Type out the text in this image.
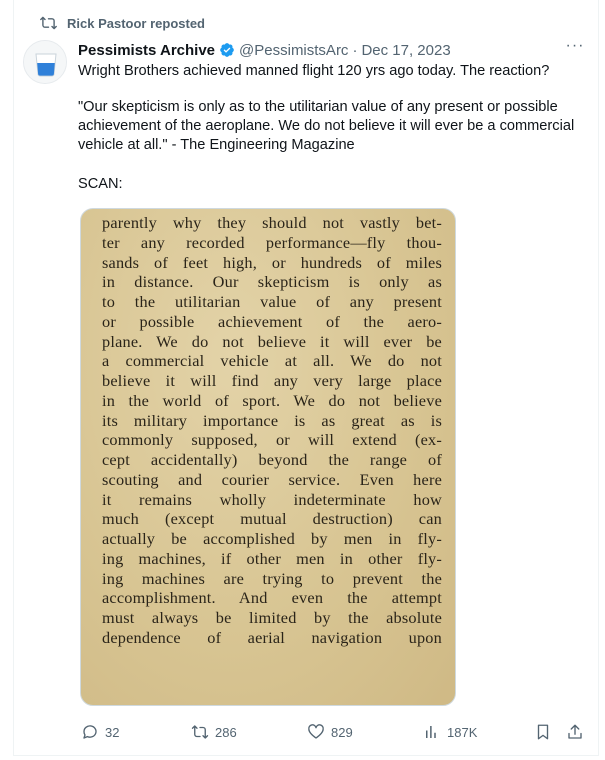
Rick Pastoor reposted
Pessimists Archive @PessimistsArc · Dec 17, 2023	···
Wright Brothers achieved manned flight 120 yrs ago today. The reaction?
"Our skepticism is only as to the utilitarian value of any present or possible achievement of the aeroplane. We do not believe it will ever be a commercial vehicle at all." - The Engineering Magazine
SCAN:
parently why they should not vastly bet-
ter any recorded performance—fly thou-
sands of feet high, or hundreds of miles
in distance. Our skepticism is only as
to the utilitarian value of any present
or possible achievement of the aero-
plane. We do not believe it will ever be
a commercial vehicle at all. We do not
believe it will find any very large place
in the world of sport. We do not believe
its military importance is as great as is
commonly supposed, or will extend (ex-
cept accidentally) beyond the range of
scouting and courier service. Even here
it remains wholly indeterminate how
much (except mutual destruction) can
actually be accomplished by men in fly-
ing machines, if other men in other fly-
ing machines are trying to prevent the
accomplishment. And even the attempt
must always be limited by the absolute
dependence of aerial navigation upon
32	286	829	187K
